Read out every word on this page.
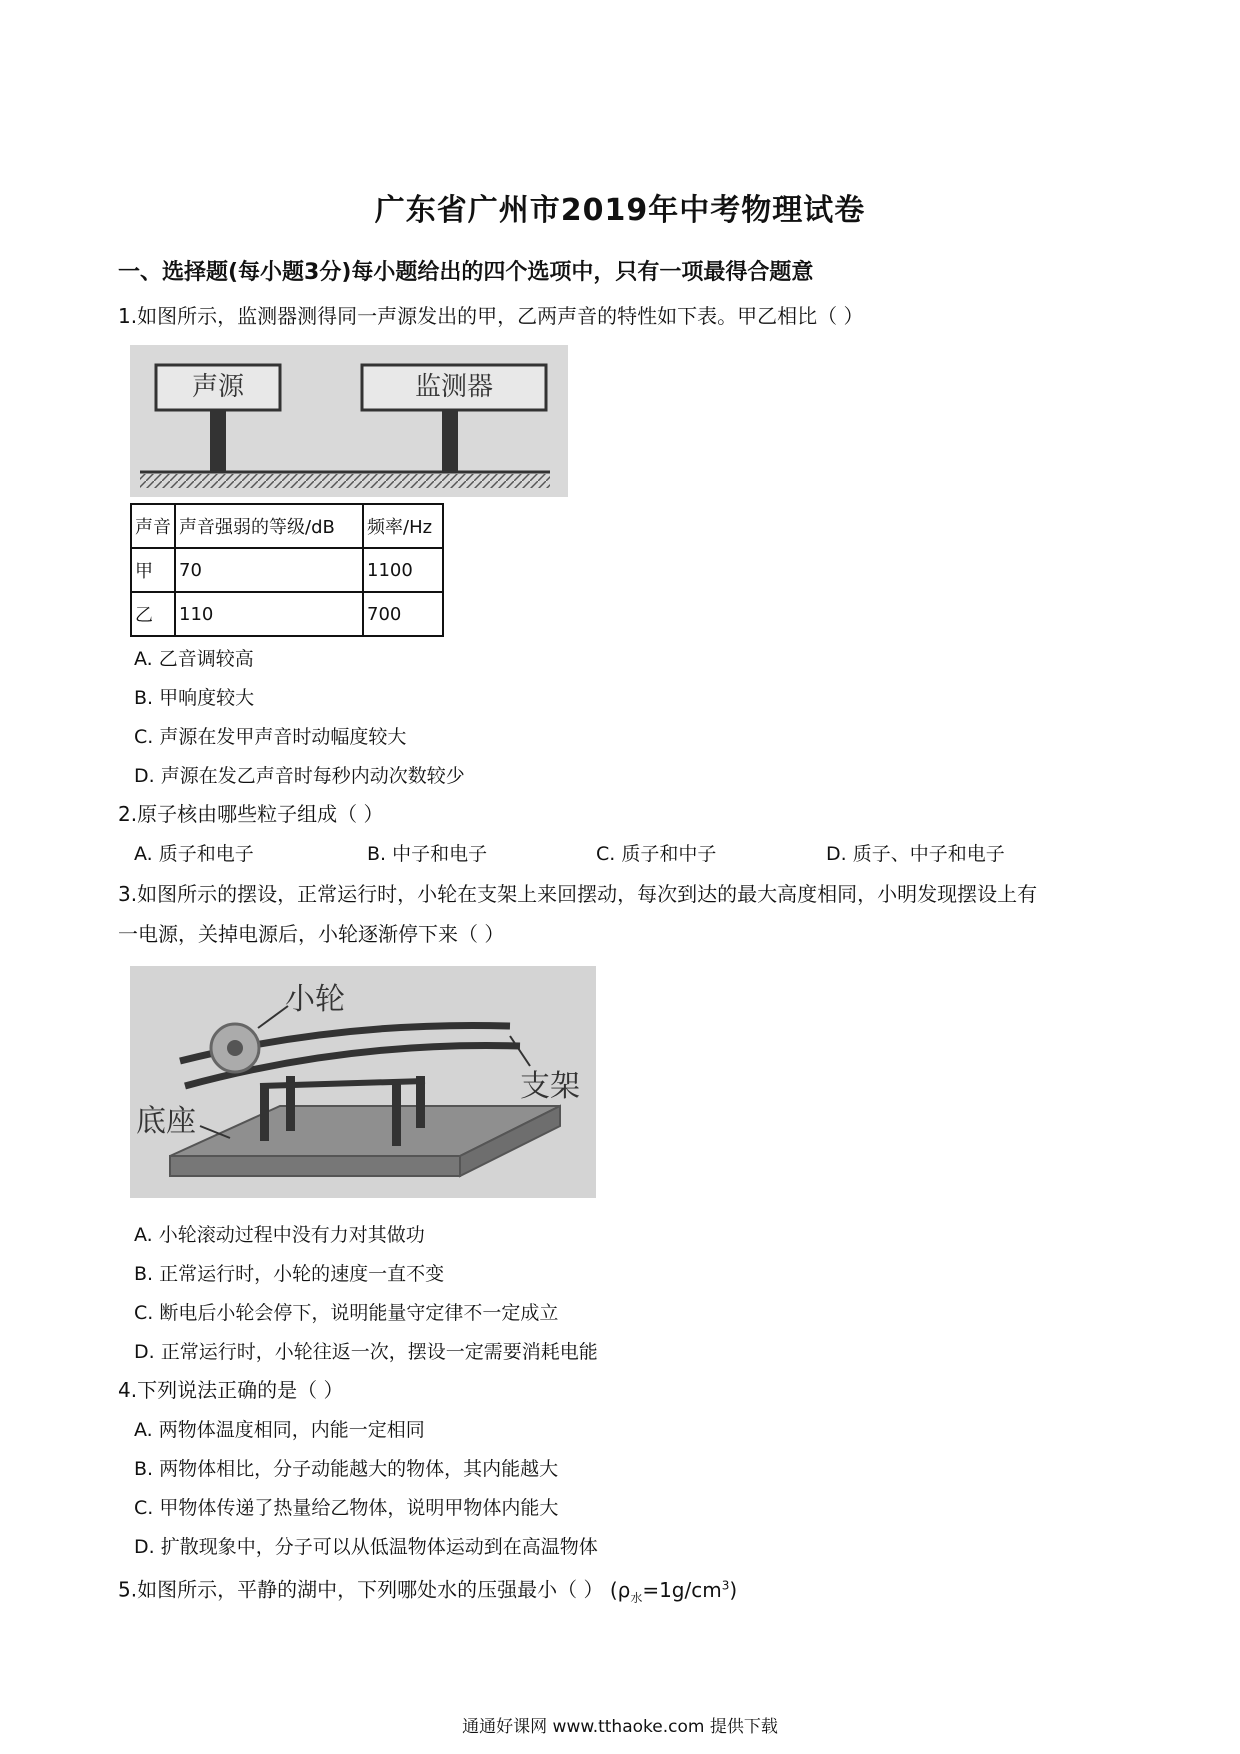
广东省广州市2019年中考物理试卷
一、选择题(每小题3分)每小题给出的四个选项中，只有一项最得合题意
1.如图所示，监测器测得同一声源发出的甲，乙两声音的特性如下表。甲乙相比（ ）
声源	监测器
声音	声音强弱的等级/dB	频率/Hz
甲	70	1100
乙	110	700
A. 乙音调较高
B. 甲响度较大
C. 声源在发甲声音时动幅度较大
D. 声源在发乙声音时每秒内动次数较少
2.原子核由哪些粒子组成（ ）
A. 质子和电子	B. 中子和电子	C. 质子和中子	D. 质子、中子和电子
3.如图所示的摆设，正常运行时，小轮在支架上来回摆动，每次到达的最大高度相同，小明发现摆设上有
一电源，关掉电源后，小轮逐渐停下来（ ）
小轮
支架
底座
A. 小轮滚动过程中没有力对其做功
B. 正常运行时，小轮的速度一直不变
C. 断电后小轮会停下，说明能量守定律不一定成立
D. 正常运行时，小轮往返一次，摆设一定需要消耗电能
4.下列说法正确的是（ ）
A. 两物体温度相同，内能一定相同
B. 两物体相比，分子动能越大的物体，其内能越大
C. 甲物体传递了热量给乙物体，说明甲物体内能大
D. 扩散现象中，分子可以从低温物体运动到在高温物体
5.如图所示，平静的湖中，下列哪处水的压强最小（ ） $(\rho_水=1g/cm^3)$
通通好课网 www.tthaoke.com 提供下载
